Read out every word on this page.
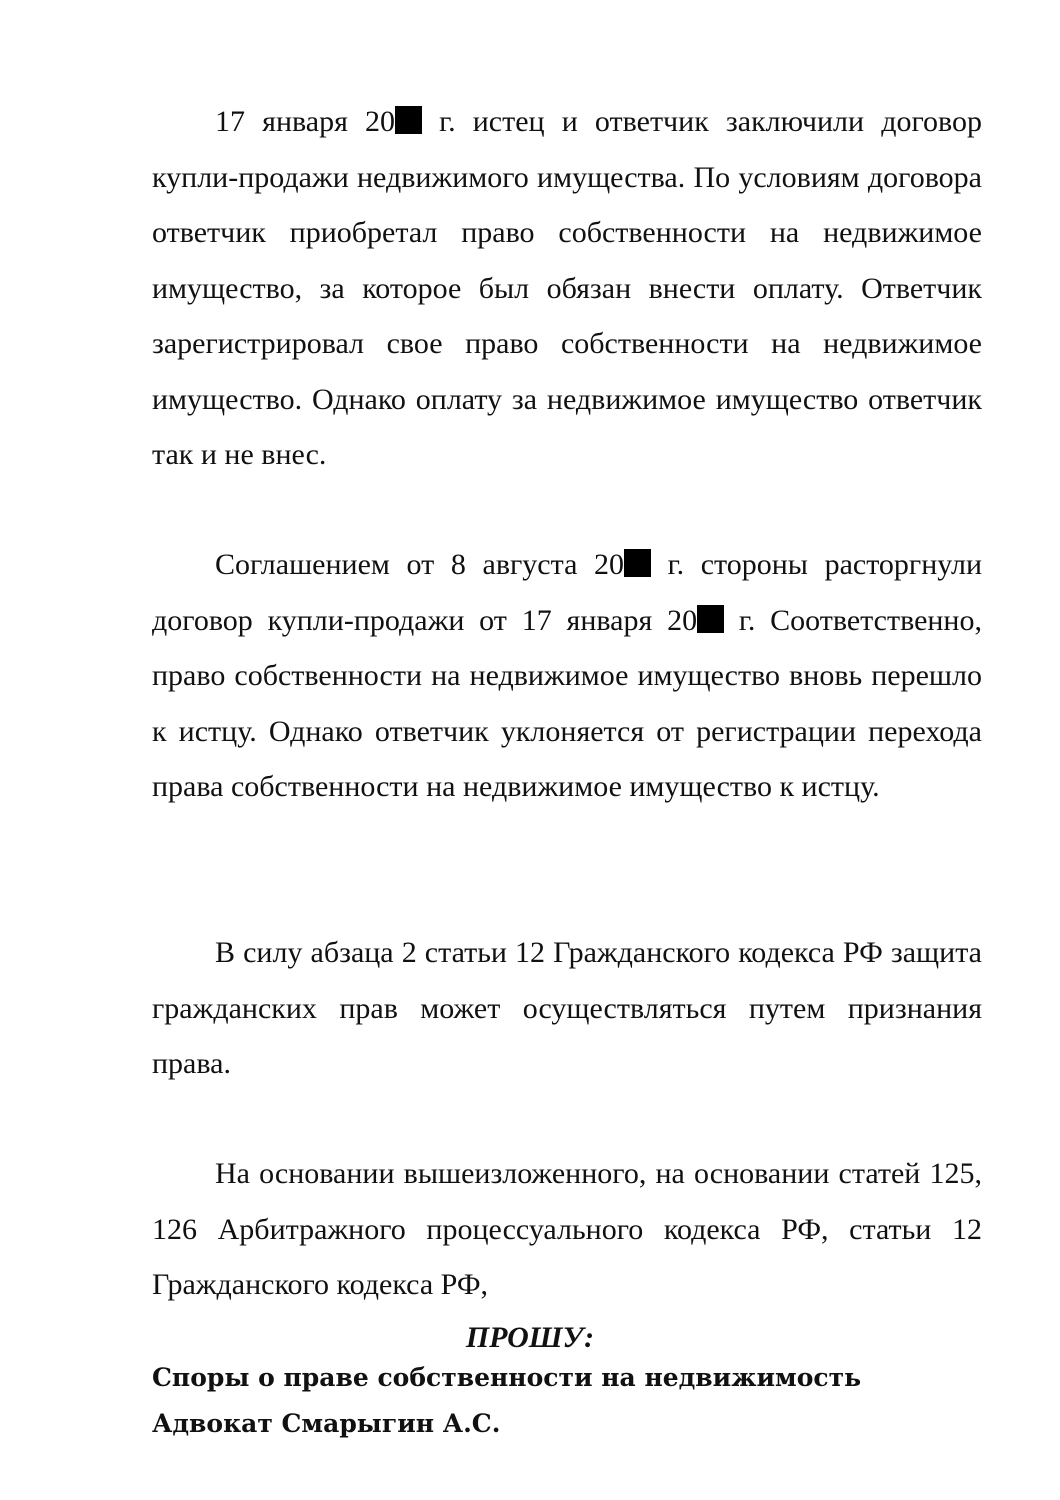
17 января 20 г. истец и ответчик заключили договор купли-продажи недвижимого имущества. По условиям договора ответчик приобретал право собственности на недвижимое имущество, за которое был обязан внести оплату. Ответчик зарегистрировал свое право собственности на недвижимое имущество. Однако оплату за недвижимое имущество ответчик так и не внес.

Соглашением от 8 августа 20 г. стороны расторгнули договор купли-продажи от 17 января 20 г. Соответственно, право собственности на недвижимое имущество вновь перешло к истцу. Однако ответчик уклоняется от регистрации перехода права собственности на недвижимое имущество к истцу.

В силу абзаца 2 статьи 12 Гражданского кодекса РФ защита гражданских прав может осуществляться путем признания права.

На основании вышеизложенного, на основании статей 125, 126 Арбитражного процессуального кодекса РФ, статьи 12 Гражданского кодекса РФ,

ПРОШУ:

Споры о праве собственности на недвижимость

Адвокат Смарыгин А.С.
